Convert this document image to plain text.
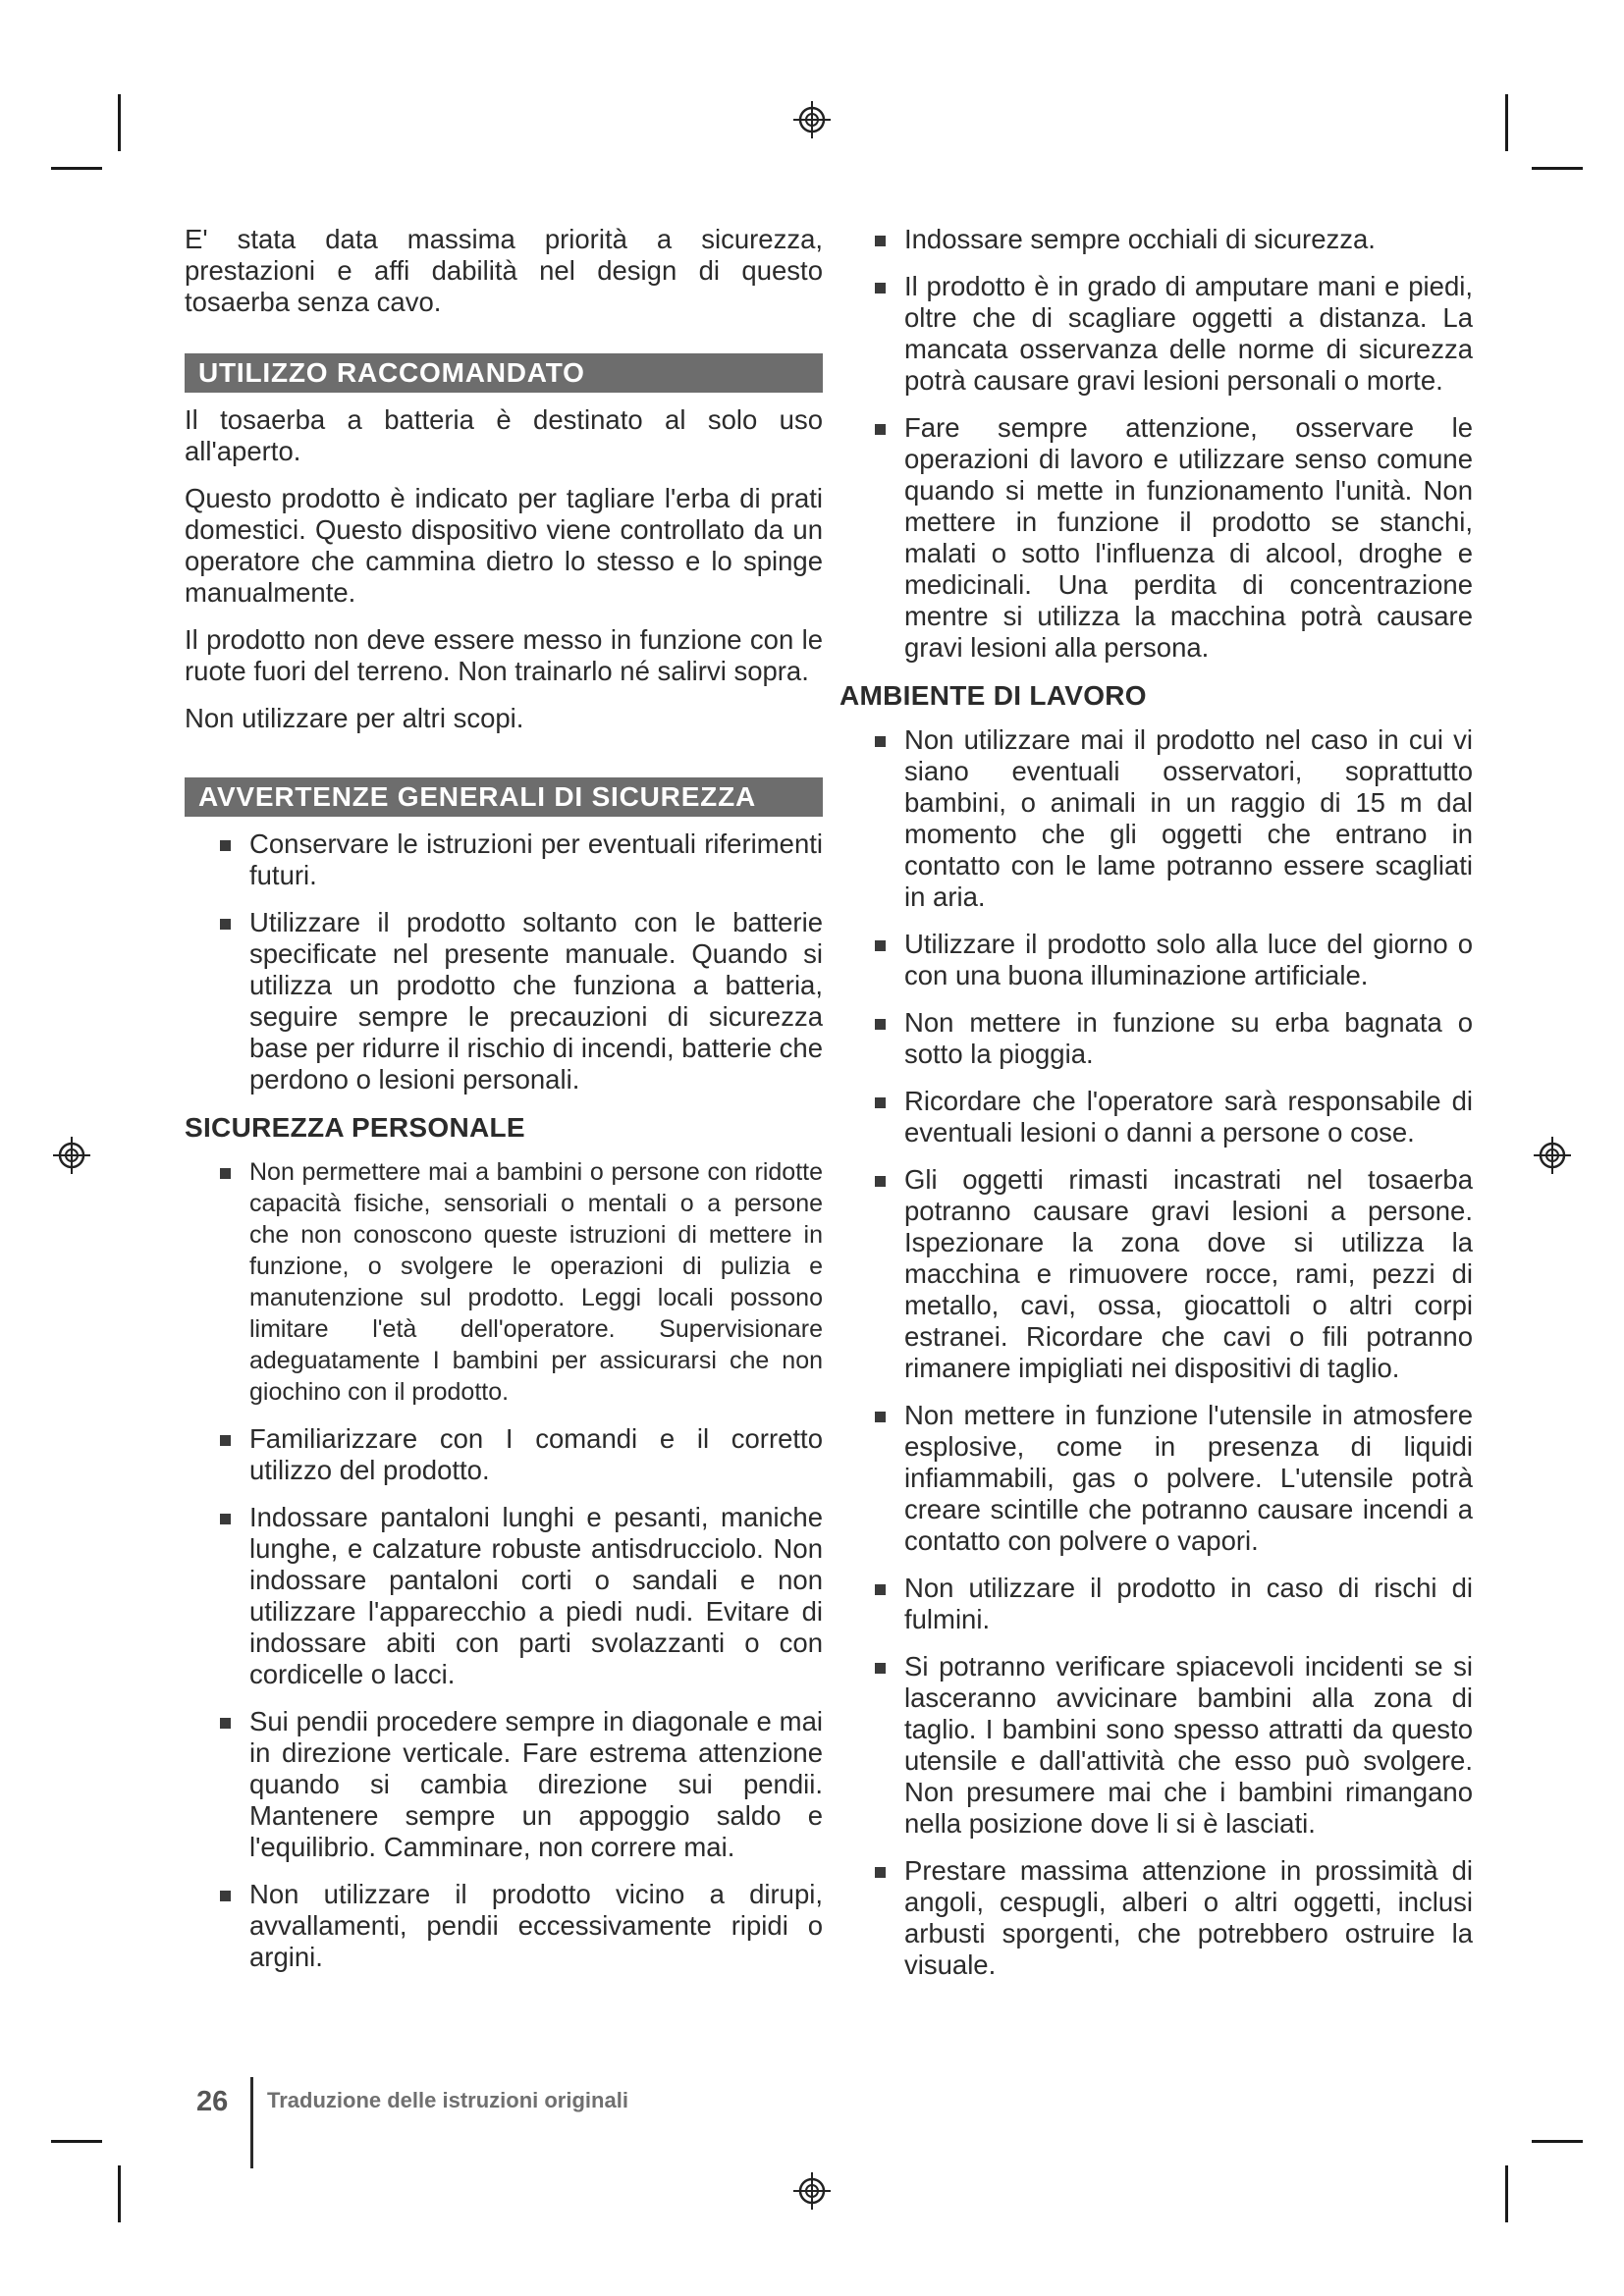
E' stata data massima priorità a sicurezza, prestazioni e affi dabilità nel design di questo tosaerba senza cavo.

UTILIZZO RACCOMANDATO

Il tosaerba a batteria è destinato al solo uso all'aperto.

Questo prodotto è indicato per tagliare l'erba di prati domestici. Questo dispositivo viene controllato da un operatore che cammina dietro lo stesso e lo spinge manualmente.

Il prodotto non deve essere messo in funzione con le ruote fuori del terreno. Non trainarlo né salirvi sopra.

Non utilizzare per altri scopi.

AVVERTENZE GENERALI DI SICUREZZA
Conservare le istruzioni per eventuali riferimenti futuri.
Utilizzare il prodotto soltanto con le batterie specificate nel presente manuale. Quando si utilizza un prodotto che funziona a batteria, seguire sempre le precauzioni di sicurezza base per ridurre il rischio di incendi, batterie che perdono o lesioni personali.
SICUREZZA PERSONALE
Non permettere mai a bambini o persone con ridotte capacità fisiche, sensoriali o mentali o a persone che non conoscono queste istruzioni di mettere in funzione, o svolgere le operazioni di pulizia e manutenzione sul prodotto. Leggi locali possono limitare l'età dell'operatore. Supervisionare adeguatamente I bambini per assicurarsi che non giochino con il prodotto.
Familiarizzare con I comandi e il corretto utilizzo del prodotto.
Indossare pantaloni lunghi e pesanti, maniche lunghe, e calzature robuste antisdrucciolo. Non indossare pantaloni corti o sandali e non utilizzare l'apparecchio a piedi nudi. Evitare di indossare abiti con parti svolazzanti o con cordicelle o lacci.
Sui pendii procedere sempre in diagonale e mai in direzione verticale. Fare estrema attenzione quando si cambia direzione sui pendii. Mantenere sempre un appoggio saldo e l'equilibrio. Camminare, non correre mai.
Non utilizzare il prodotto vicino a dirupi, avvallamenti, pendii eccessivamente ripidi o argini.
Indossare sempre occhiali di sicurezza.
Il prodotto è in grado di amputare mani e piedi, oltre che di scagliare oggetti a distanza. La mancata osservanza delle norme di sicurezza potrà causare gravi lesioni personali o morte.
Fare sempre attenzione, osservare le operazioni di lavoro e utilizzare senso comune quando si mette in funzionamento l'unità. Non mettere in funzione il prodotto se stanchi, malati o sotto l'influenza di alcool, droghe e medicinali. Una perdita di concentrazione mentre si utilizza la macchina potrà causare gravi lesioni alla persona.
AMBIENTE DI LAVORO
Non utilizzare mai il prodotto nel caso in cui vi siano eventuali osservatori, soprattutto bambini, o animali in un raggio di 15 m dal momento che gli oggetti che entrano in contatto con le lame potranno essere scagliati in aria.
Utilizzare il prodotto solo alla luce del giorno o con una buona illuminazione artificiale.
Non mettere in funzione su erba bagnata o sotto la pioggia.
Ricordare che l'operatore sarà responsabile di eventuali lesioni o danni a persone o cose.
Gli oggetti rimasti incastrati nel tosaerba potranno causare gravi lesioni a persone. Ispezionare la zona dove si utilizza la macchina e rimuovere rocce, rami, pezzi di metallo, cavi, ossa, giocattoli o altri corpi estranei. Ricordare che cavi o fili potranno rimanere impigliati nei dispositivi di taglio.
Non mettere in funzione l'utensile in atmosfere esplosive, come in presenza di liquidi infiammabili, gas o polvere. L'utensile potrà creare scintille che potranno causare incendi a contatto con polvere o vapori.
Non utilizzare il prodotto in caso di rischi di fulmini.
Si potranno verificare spiacevoli incidenti se si lasceranno avvicinare bambini alla zona di taglio. I bambini sono spesso attratti da questo utensile e dall'attività che esso può svolgere. Non presumere mai che i bambini rimangano nella posizione dove li si è lasciati.
Prestare massima attenzione in prossimità di angoli, cespugli, alberi o altri oggetti, inclusi arbusti sporgenti, che potrebbero ostruire la visuale.
26 Traduzione delle istruzioni originali
